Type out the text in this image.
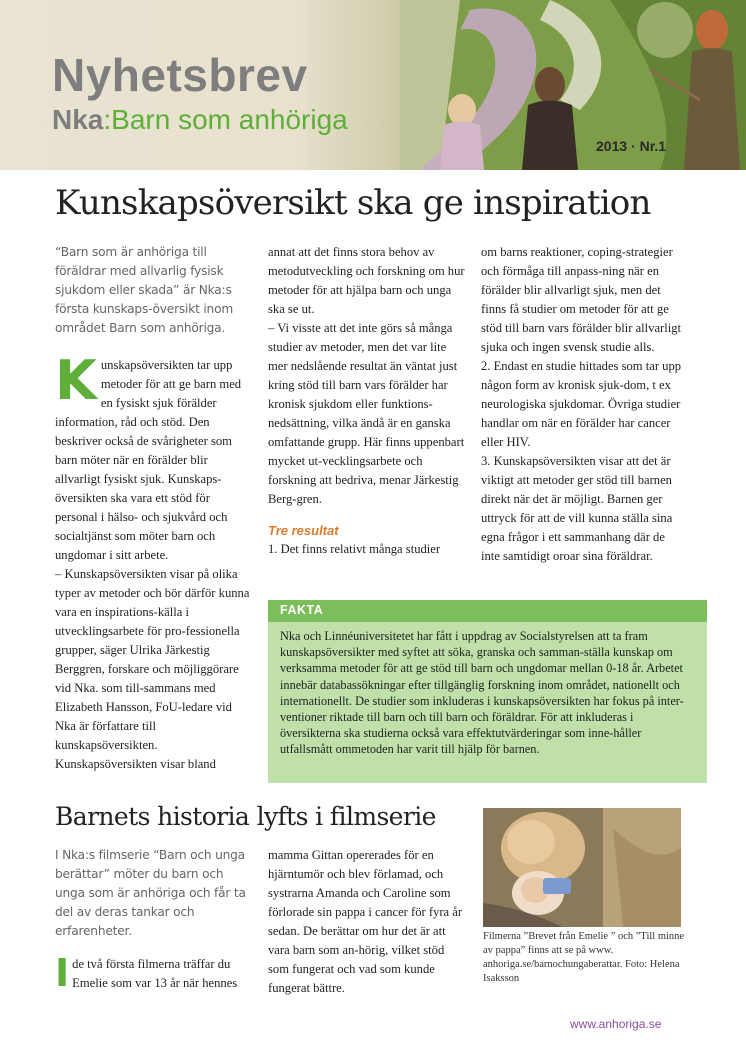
Nyhetsbrev
Nka:Barn som anhöriga
2013 · Nr.1
Kunskapsöversikt ska ge inspiration

“Barn som är anhöriga till föräldrar med allvarlig fysisk sjukdom eller skada” är Nka:s första kunskaps-översikt inom området Barn som anhöriga.

K unskapsöversikten tar upp metoder för att ge barn med en fysiskt sjuk förälder information, råd och stöd. Den beskriver också de svårigheter som barn möter när en förälder blir allvarligt fysiskt sjuk. Kunskaps-översikten ska vara ett stöd för personal i hälso- och sjukvård och socialtjänst som möter barn och ungdomar i sitt arbete.

– Kunskapsöversikten visar på olika typer av metoder och bör därför kunna vara en inspirations-källa i utvecklingsarbete för pro-fessionella grupper, säger Ulrika Järkestig Berggren, forskare och möjliggörare vid Nka. som till-sammans med Elizabeth Hansson, FoU-ledare vid Nka är författare till kunskapsöversikten.

Kunskapsöversikten visar bland

annat att det finns stora behov av metodutveckling och forskning om hur metoder för att hjälpa barn och unga ska se ut.

– Vi visste att det inte görs så många studier av metoder, men det var lite mer nedslående resultat än väntat just kring stöd till barn vars förälder har kronisk sjukdom eller funktions-nedsättning, vilka ändå är en ganska omfattande grupp. Här finns uppenbart mycket ut-vecklingsarbete och forskning att bedriva, menar Järkestig Berg-gren.

Tre resultat

1. Det finns relativt många studier

om barns reaktioner, coping-strategier och förmåga till anpass-ning när en förälder blir allvarligt sjuk, men det finns få studier om metoder för att ge stöd till barn vars förälder blir allvarligt sjuka och ingen svensk studie alls.

2. Endast en studie hittades som tar upp någon form av kronisk sjuk-dom, t ex neurologiska sjukdomar. Övriga studier handlar om när en förälder har cancer eller HIV.

3. Kunskapsöversikten visar att det är viktigt att metoder ger stöd till barnen direkt när det är möjligt. Barnen ger uttryck för att de vill kunna ställa sina egna frågor i ett sammanhang där de inte samtidigt oroar sina föräldrar.

FAKTA
Nka och Linnéuniversitetet har fått i uppdrag av Socialstyrelsen att ta fram kunskapsöversikter med syftet att söka, granska och samman-ställa kunskap om verksamma metoder för att ge stöd till barn och ungdomar mellan 0-18 år. Arbetet innebär databassökningar efter tillgänglig forskning inom området, nationellt och internationellt. De studier som inkluderas i kunskapsöversikten har fokus på inter-ventioner riktade till barn och till barn och föräldrar. För att inkluderas i översikterna ska studierna också vara effektutvärderingar som inne-håller utfallsmått ommetoden har varit till hjälp för barnen.
Barnets historia lyfts i filmserie

I Nka:s filmserie “Barn och unga berättar” möter du barn och unga som är anhöriga och får ta del av deras tankar och erfarenheter.

I de två första filmerna träffar du Emelie som var 13 år när hennes

mamma Gittan opererades för en hjärntumör och blev förlamad, och systrarna Amanda och Caroline som förlorade sin pappa i cancer för fyra år sedan. De berättar om hur det är att vara barn som an-hörig, vilket stöd som fungerat och vad som kunde fungerat bättre.

Filmerna ”Brevet från Emelie ” och ”Till minne av pappa” finns att se på www. anhoriga.se/barnochungaberattar. Foto: Helena Isaksson
www.anhoriga.se
